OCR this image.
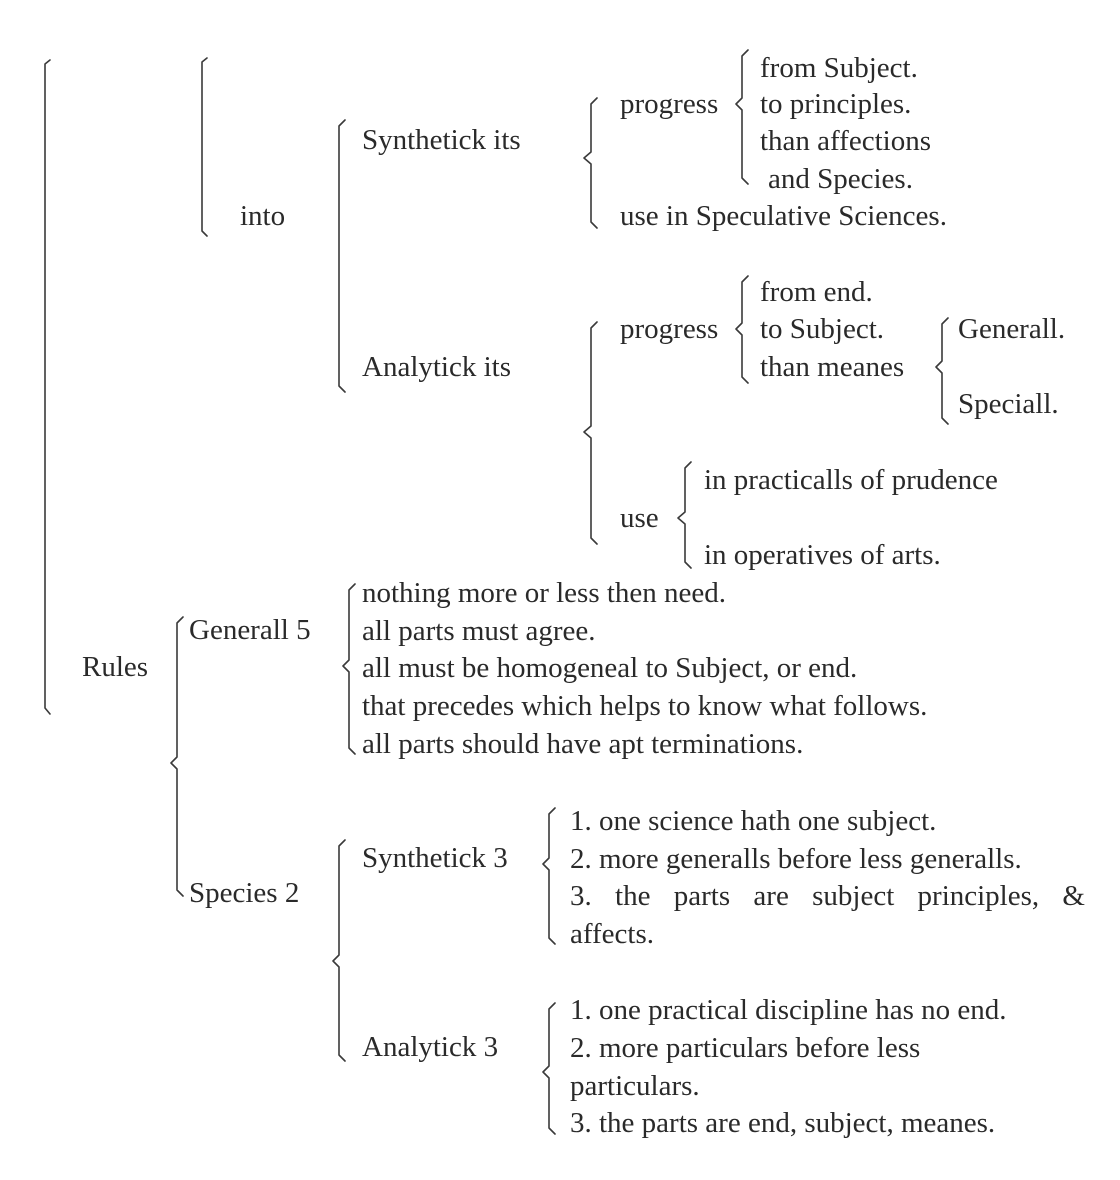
into
Synthetick its
progress
from Subject.
to principles.
than affections
and Species.
use in Speculative Sciences.
Analytick its
progress
from end.
to Subject.
than meanes
Generall.
Speciall.
use
in practicalls of prudence
in operatives of arts.
Rules
Generall 5
nothing more or less then need.
all parts must agree.
all must be homogeneal to Subject, or end.
that precedes which helps to know what follows.
all parts should have apt terminations.
Species 2
Synthetick 3
1. one science hath one subject.
2. more generalls before less generalls.
3. the parts are subject principles, &
affects.
Analytick 3
1. one practical discipline has no end.
2. more particulars before less
particulars.
3. the parts are end, subject, meanes.
